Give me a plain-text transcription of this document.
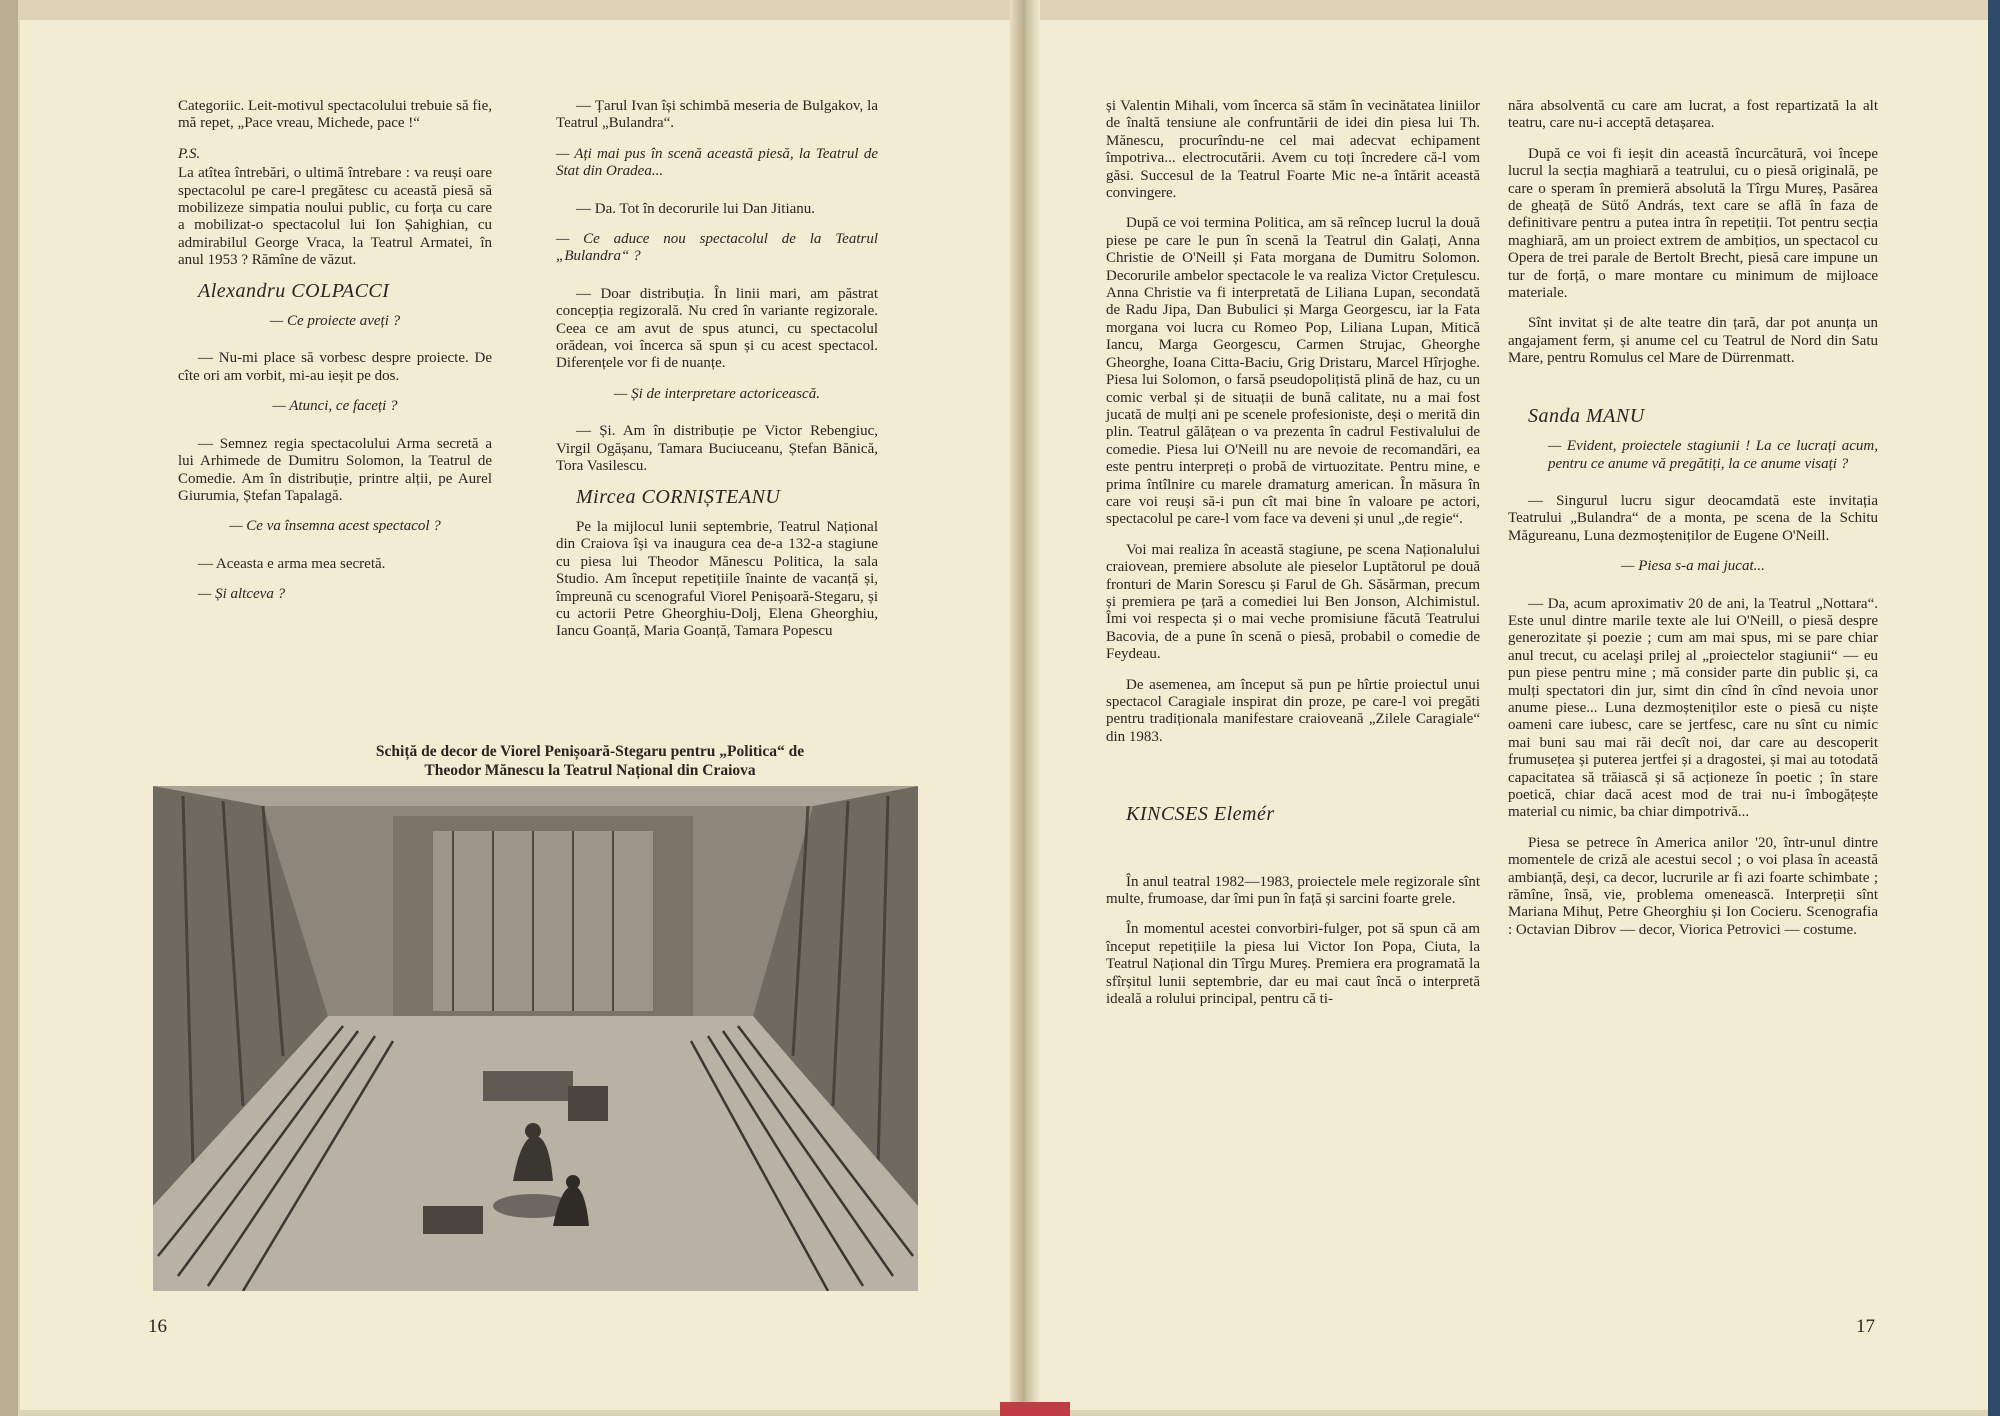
Categoriic. Leit-motivul spectacolului trebuie să fie, mă repet, „Pace vreau, Michede, pace !“

P.S.

La atîtea întrebări, o ultimă întrebare : va reuși oare spectacolul pe care-l pregătesc cu această piesă să mobilizeze simpatia noului public, cu forța cu care a mobilizat-o spectacolul lui Ion Șahighian, cu admirabilul George Vraca, la Teatrul Armatei, în anul 1953 ? Rămîne de văzut.

Alexandru COLPACCI

— Ce proiecte aveți ?

— Nu-mi place să vorbesc despre proiecte. De cîte ori am vorbit, mi-au ieșit pe dos.

— Atunci, ce faceți ?

— Semnez regia spectacolului Arma secretă a lui Arhimede de Dumitru Solomon, la Teatrul de Comedie. Am în distribuție, printre alții, pe Aurel Giurumia, Ștefan Tapalagă.

— Ce va însemna acest spectacol ?

— Aceasta e arma mea secretă.

— Și altceva ?

— Țarul Ivan își schimbă meseria de Bulgakov, la Teatrul „Bulandra“.

— Ați mai pus în scenă această piesă, la Teatrul de Stat din Oradea...

— Da. Tot în decorurile lui Dan Jitianu.

— Ce aduce nou spectacolul de la Teatrul „Bulandra“ ?

— Doar distribuția. În linii mari, am păstrat concepția regizorală. Nu cred în variante regizorale. Ceea ce am avut de spus atunci, cu spectacolul orădean, voi încerca să spun și cu acest spectacol. Diferențele vor fi de nuanțe.

— Și de interpretare actoricească.

— Și. Am în distribuție pe Victor Rebengiuc, Virgil Ogășanu, Tamara Buciuceanu, Ștefan Bănică, Tora Vasilescu.

Mircea CORNIȘTEANU

Pe la mijlocul lunii septembrie, Teatrul Național din Craiova își va inaugura cea de-a 132-a stagiune cu piesa lui Theodor Mănescu Politica, la sala Studio. Am început repetițiile înainte de vacanță și, împreună cu scenograful Viorel Penișoară-Stegaru, și cu actorii Petre Gheorghiu-Dolj, Elena Gheorghiu, Iancu Goanță, Maria Goanță, Tamara Popescu

Schiță de decor de Viorel Penișoară-Stegaru pentru „Politica“ de
Theodor Mănescu la Teatrul Național din Craiova
16

și Valentin Mihali, vom încerca să stăm în vecinătatea liniilor de înaltă tensiune ale confruntării de idei din piesa lui Th. Mănescu, procurîndu-ne cel mai adecvat echipament împotriva... electrocutării. Avem cu toți încredere că-l vom găsi. Succesul de la Teatrul Foarte Mic ne-a întărit această convingere.

După ce voi termina Politica, am să reîncep lucrul la două piese pe care le pun în scenă la Teatrul din Galați, Anna Christie de O'Neill și Fata morgana de Dumitru Solomon. Decorurile ambelor spectacole le va realiza Victor Crețulescu. Anna Christie va fi interpretată de Liliana Lupan, secondată de Radu Jipa, Dan Bubulici și Marga Georgescu, iar la Fata morgana voi lucra cu Romeo Pop, Liliana Lupan, Mitică Iancu, Marga Georgescu, Carmen Strujac, Gheorghe Gheorghe, Ioana Citta-Baciu, Grig Dristaru, Marcel Hîrjoghe. Piesa lui Solomon, o farsă pseudopolițistă plină de haz, cu un comic verbal și de situații de bună calitate, nu a mai fost jucată de mulți ani pe scenele profesioniste, deși o merită din plin. Teatrul gălățean o va prezenta în cadrul Festivalului de comedie. Piesa lui O'Neill nu are nevoie de recomandări, ea este pentru interpreți o probă de virtuozitate. Pentru mine, e prima întîlnire cu marele dramaturg american. În măsura în care voi reuși să-i pun cît mai bine în valoare pe actori, spectacolul pe care-l vom face va deveni și unul „de regie“.

Voi mai realiza în această stagiune, pe scena Naționalului craiovean, premiere absolute ale pieselor Luptătorul pe două fronturi de Marin Sorescu și Farul de Gh. Săsărman, precum și premiera pe țară a comediei lui Ben Jonson, Alchimistul. Îmi voi respecta și o mai veche promisiune făcută Teatrului Bacovia, de a pune în scenă o piesă, probabil o comedie de Feydeau.

De asemenea, am început să pun pe hîrtie proiectul unui spectacol Caragiale inspirat din proze, pe care-l voi pregăti pentru tradiționala manifestare craioveană „Zilele Caragiale“ din 1983.

KINCSES Elemér

În anul teatral 1982—1983, proiectele mele regizorale sînt multe, frumoase, dar îmi pun în față și sarcini foarte grele.

În momentul acestei convorbiri-fulger, pot să spun că am început repetițiile la piesa lui Victor Ion Popa, Ciuta, la Teatrul Național din Tîrgu Mureș. Premiera era programată la sfîrșitul lunii septembrie, dar eu mai caut încă o interpretă ideală a rolului principal, pentru că ti-

năra absolventă cu care am lucrat, a fost repartizată la alt teatru, care nu-i acceptă detașarea.

După ce voi fi ieșit din această încurcătură, voi începe lucrul la secția maghiară a teatrului, cu o piesă originală, pe care o speram în premieră absolută la Tîrgu Mureș, Pasărea de gheață de Sütő András, text care se află în faza de definitivare pentru a putea intra în repetiții. Tot pentru secția maghiară, am un proiect extrem de ambițios, un spectacol cu Opera de trei parale de Bertolt Brecht, piesă care impune un tur de forță, o mare montare cu minimum de mijloace materiale.

Sînt invitat și de alte teatre din țară, dar pot anunța un angajament ferm, și anume cel cu Teatrul de Nord din Satu Mare, pentru Romulus cel Mare de Dürrenmatt.

Sanda MANU

— Evident, proiectele stagiunii ! La ce lucrați acum, pentru ce anume vă pregătiți, la ce anume visați ?

— Singurul lucru sigur deocamdată este invitația Teatrului „Bulandra“ de a monta, pe scena de la Schitu Măgureanu, Luna dezmoșteniților de Eugene O'Neill.

— Piesa s-a mai jucat...

— Da, acum aproximativ 20 de ani, la Teatrul „Nottara“. Este unul dintre marile texte ale lui O'Neill, o piesă despre generozitate și poezie ; cum am mai spus, mi se pare chiar anul trecut, cu acelaşi prilej al „proiectelor stagiunii“ — eu pun piese pentru mine ; mă consider parte din public și, ca mulți spectatori din jur, simt din cînd în cînd nevoia unor anume piese... Luna dezmoșteniților este o piesă cu niște oameni care iubesc, care se jertfesc, care nu sînt cu nimic mai buni sau mai răi decît noi, dar care au descoperit frumusețea și puterea jertfei și a dragostei, și mai au totodată capacitatea să trăiască și să acționeze în poetic ; în stare poetică, chiar dacă acest mod de trai nu-i îmbogățește material cu nimic, ba chiar dimpotrivă...

Piesa se petrece în America anilor '20, într-unul dintre momentele de criză ale acestui secol ; o voi plasa în această ambianță, deși, ca decor, lucrurile ar fi azi foarte schimbate ; rămîne, însă, vie, problema omenească. Interpreții sînt Mariana Mihuț, Petre Gheorghiu și Ion Cocieru. Scenografia : Octavian Dibrov — decor, Viorica Petrovici — costume.

17
